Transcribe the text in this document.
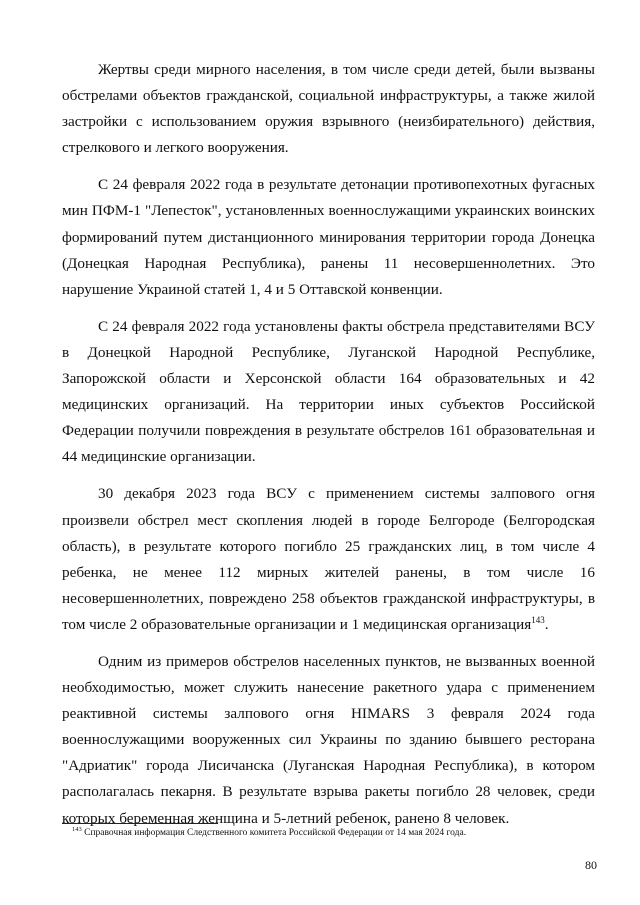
Жертвы среди мирного населения, в том числе среди детей, были вызваны обстрелами объектов гражданской, социальной инфраструктуры, а также жилой застройки с использованием оружия взрывного (неизбирательного) действия, стрелкового и легкого вооружения.

С 24 февраля 2022 года в результате детонации противопехотных фугасных мин ПФМ-1 "Лепесток", установленных военнослужащими украинских воинских формирований путем дистанционного минирования территории города Донецка (Донецкая Народная Республика), ранены 11 несовершеннолетних. Это нарушение Украиной статей 1, 4 и 5 Оттавской конвенции.

С 24 февраля 2022 года установлены факты обстрела представителями ВСУ в Донецкой Народной Республике, Луганской Народной Республике, Запорожской области и Херсонской области 164 образовательных и 42 медицинских организаций. На территории иных субъектов Российской Федерации получили повреждения в результате обстрелов 161 образовательная и 44 медицинские организации.

30 декабря 2023 года ВСУ с применением системы залпового огня произвели обстрел мест скопления людей в городе Белгороде (Белгородская область), в результате которого погибло 25 гражданских лиц, в том числе 4 ребенка, не менее 112 мирных жителей ранены, в том числе 16 несовершеннолетних, повреждено 258 объектов гражданской инфраструктуры, в том числе 2 образовательные организации и 1 медицинская организация$^{143}$.

Одним из примеров обстрелов населенных пунктов, не вызванных военной необходимостью, может служить нанесение ракетного удара с применением реактивной системы залпового огня HIMARS 3 февраля 2024 года военнослужащими вооруженных сил Украины по зданию бывшего ресторана "Адриатик" города Лисичанска (Луганская Народная Республика), в котором располагалась пекарня. В результате взрыва ракеты погибло 28 человек, среди которых беременная женщина и 5-летний ребенок, ранено 8 человек.

$^{143}$ Справочная информация Следственного комитета Российской Федерации от 14 мая 2024 года.
80
